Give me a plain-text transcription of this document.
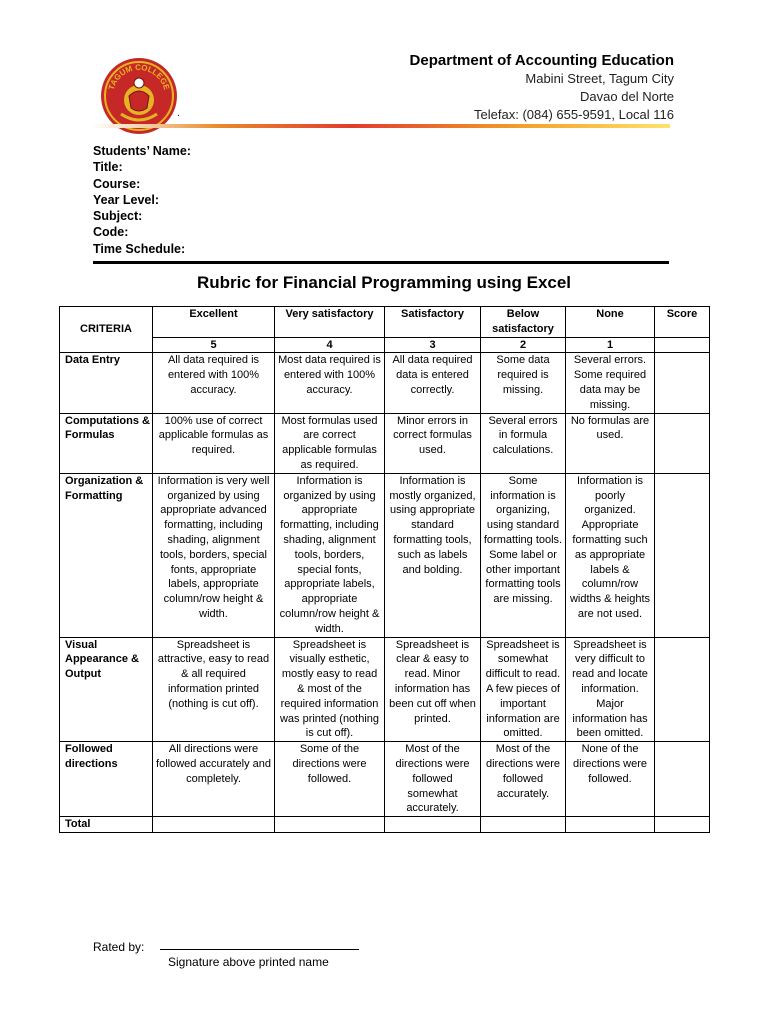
TAGUM COLLEGE
Department of Accounting Education
Mabini Street, Tagum City
Davao del Norte
Telefax: (084) 655-9591, Local 116
.
Students’ Name:
Title:
Course:
Year Level:
Subject:
Code:
Time Schedule:
Rubric for Financial Programming using Excel
CRITERIA	Excellent	Very satisfactory	Satisfactory	Below satisfactory	None	Score
	5	4	3	2	1	
Data Entry	All data required is entered with 100% accuracy.	Most data required is entered with 100% accuracy.	All data required data is entered correctly.	Some data required is missing.	Several errors. Some required data may be missing.	
Computations & Formulas	100% use of correct applicable formulas as required.	Most formulas used are correct applicable formulas as required.	Minor errors in correct formulas used.	Several errors in formula calculations.	No formulas are used.	
Organization & Formatting	Information is very well organized by using appropriate advanced formatting, including shading, alignment tools, borders, special fonts, appropriate labels, appropriate column/row height & width.	Information is organized by using appropriate formatting, including shading, alignment tools, borders, special fonts, appropriate labels, appropriate column/row height & width.	Information is mostly organized, using appropriate standard formatting tools, such as labels and bolding.	Some information is organizing, using standard formatting tools. Some label or other important formatting tools are missing.	Information is poorly organized. Appropriate formatting such as appropriate labels & column/row widths & heights are not used.	
Visual Appearance & Output	Spreadsheet is attractive, easy to read & all required information printed (nothing is cut off).	Spreadsheet is visually esthetic, mostly easy to read & most of the required information was printed (nothing is cut off).	Spreadsheet is clear & easy to read. Minor information has been cut off when printed.	Spreadsheet is somewhat difficult to read. A few pieces of important information are omitted.	Spreadsheet is very difficult to read and locate information. Major information has been omitted.	
Followed directions	All directions were followed accurately and completely.	Some of the directions were followed.	Most of the directions were followed somewhat accurately.	Most of the directions were followed accurately.	None of the directions were followed.	
Total						
Rated by:
Signature above printed name
